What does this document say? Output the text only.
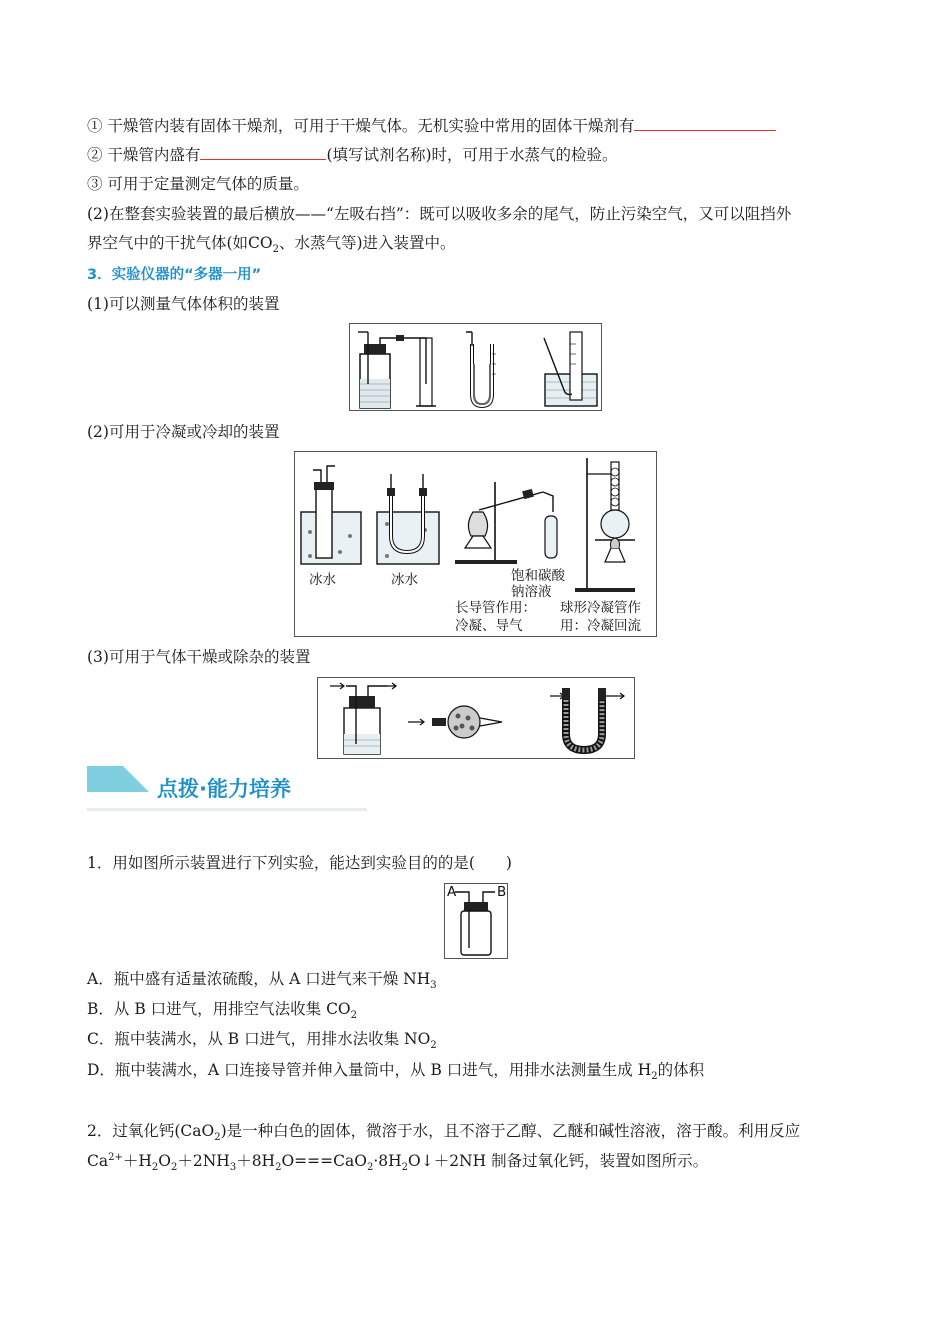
① 干燥管内装有固体干燥剂，可用于干燥气体。无机实验中常用的固体干燥剂有
② 干燥管内盛有	(填写试剂名称)时，可用于水蒸气的检验。
③ 可用于定量测定气体的质量。
(2)在整套实验装置的最后横放——“左吸右挡”：既可以吸收多余的尾气，防止污染空气，又可以阻挡外
界空气中的干扰气体(如$CO_2$、水蒸气等)进入装置中。
3．实验仪器的“多器一用”
(1)可以测量气体体积的装置
(2)可用于冷凝或冷却的装置
冰水	冰水	饱和碳酸
钠溶液
长导管作用：
冷凝、导气
球形冷凝管作
用：冷凝回流
(3)可用于气体干燥或除杂的装置
点拨·能力培养
1．用如图所示装置进行下列实验，能达到实验目的的是(　　)
A	B
A．瓶中盛有适量浓硫酸，从 A 口进气来干燥 $NH_3$
B．从 B 口进气，用排空气法收集 $CO_2$
C．瓶中装满水，从 B 口进气，用排水法收集 $NO_2$
D．瓶中装满水，A 口连接导管并伸入量筒中，从 B 口进气，用排水法测量生成 $H_2$的体积
2．过氧化钙(CaO$_2$)是一种白色的固体，微溶于水，且不溶于乙醇、乙醚和碱性溶液，溶于酸。利用反应
$Ca^{2+}+H_2O_2+2NH_3+8H_2O===CaO_2\cdot 8H_2O↓+2NH$ 制备过氧化钙，装置如图所示。
